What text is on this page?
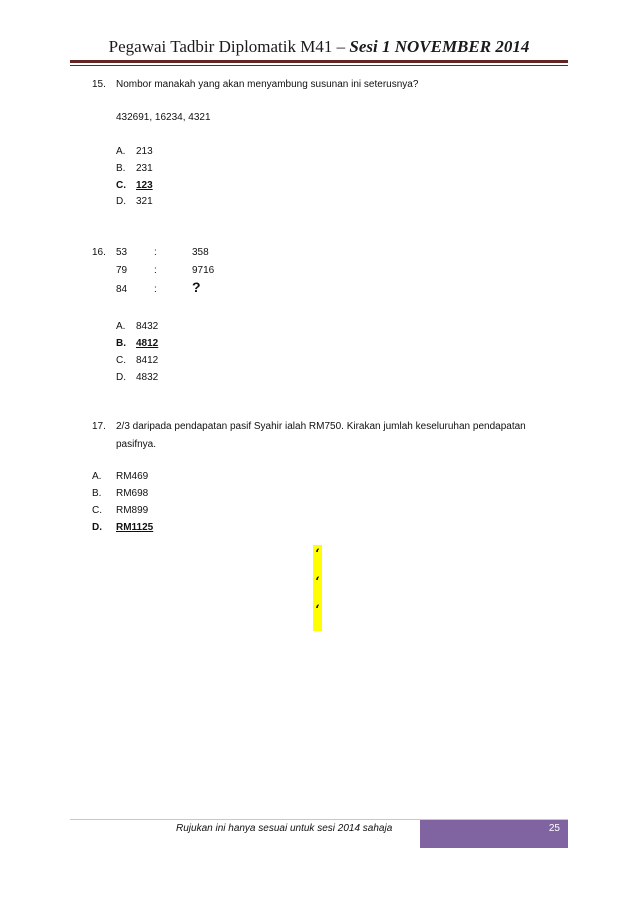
Pegawai Tadbir Diplomatik M41 – Sesi 1 NOVEMBER 2014
15. Nombor manakah yang akan menyambung susunan ini seterusnya?
432691, 16234, 4321
A. 213
B. 231
C. 123
D. 321
16. 53	:	358
79	:	9716
84	:	?
A. 8432
B. 4812
C. 8412
D. 4832
17. 2/3 daripada pendapatan pasif Syahir ialah RM750. Kirakan jumlah keseluruhan pendapatan
pasifnya.
A. RM469
B. RM698
C. RM899
D. RM1125
‘
‘
‘
Rujukan ini hanya sesuai untuk sesi 2014 sahaja	25
